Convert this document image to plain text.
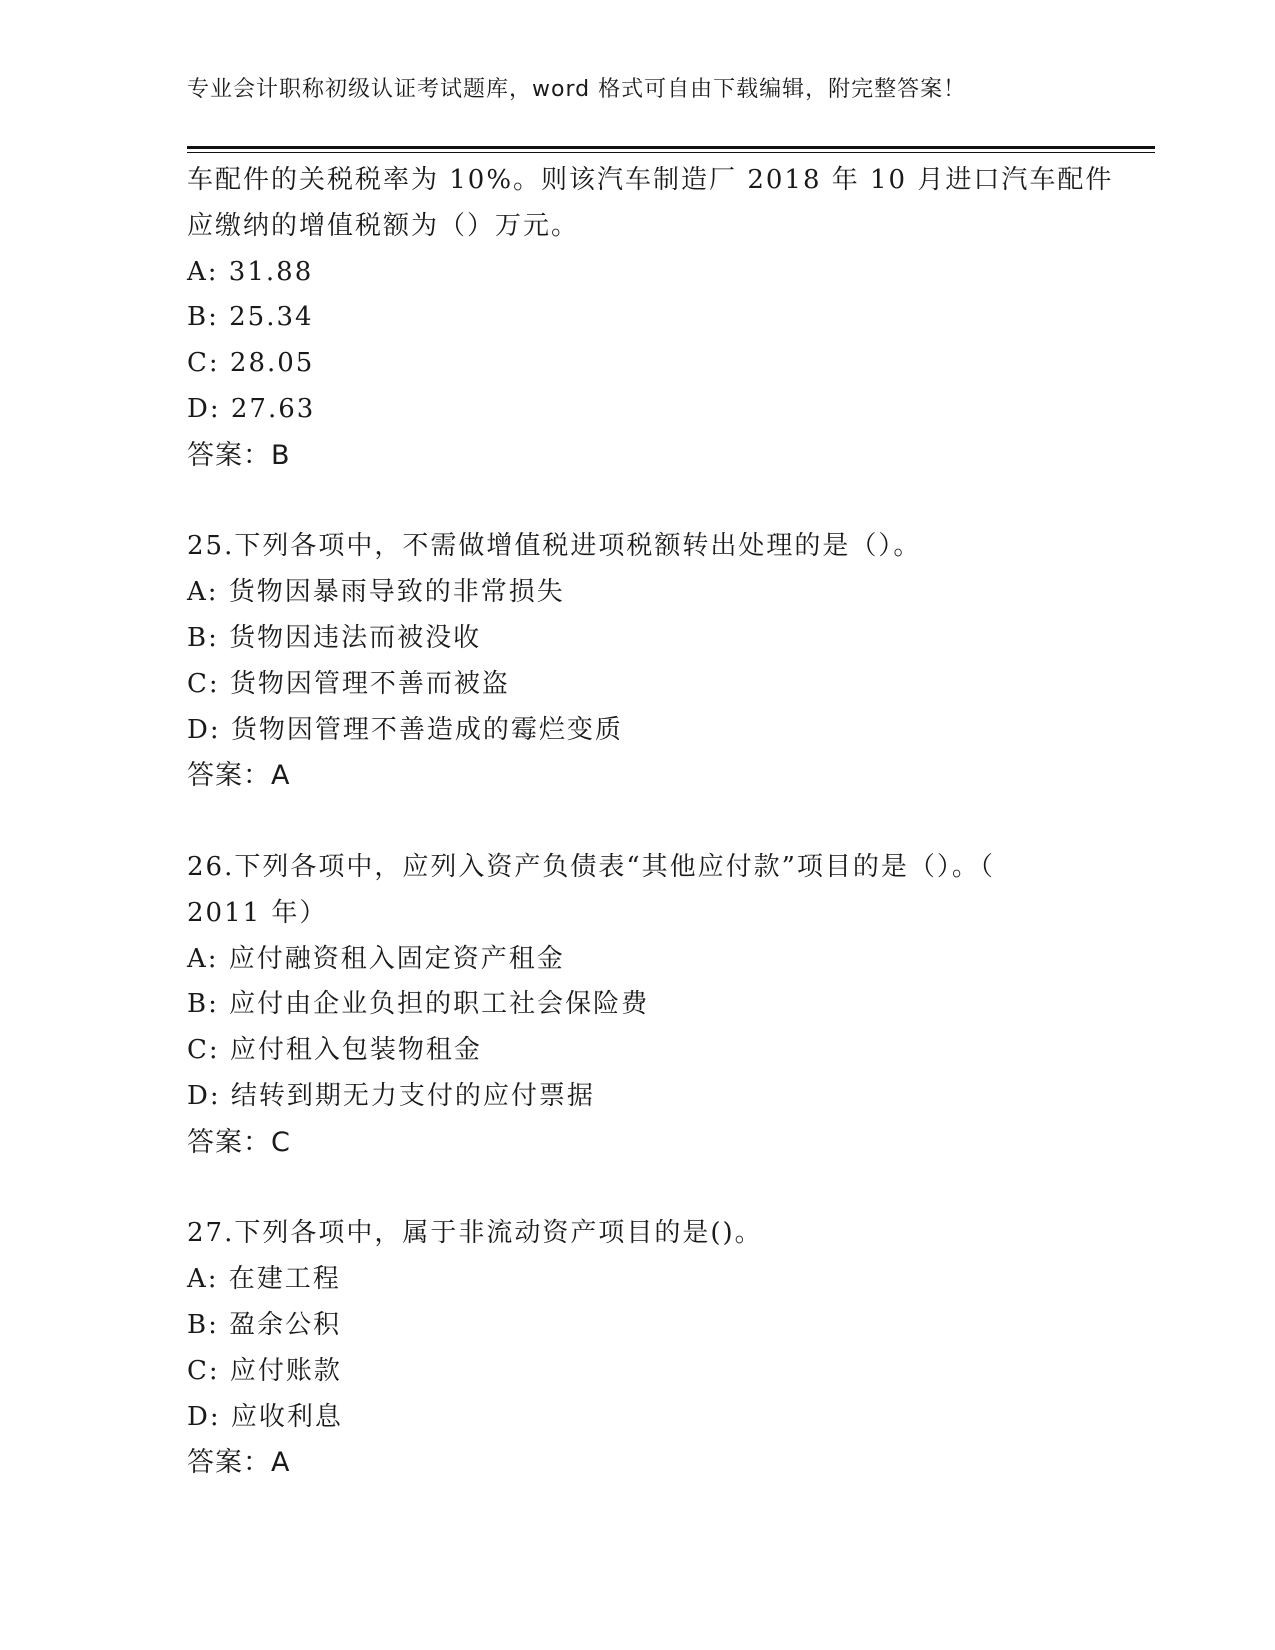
专业会计职称初级认证考试题库，word 格式可自由下载编辑，附完整答案！
车配件的关税税率为 10%。则该汽车制造厂 2018 年 10 月进口汽车配件
应缴纳的增值税额为（）万元。
A: 31.88
B: 25.34
C: 28.05
D: 27.63
答案：B
25.下列各项中，不需做增值税进项税额转出处理的是（）。
A: 货物因暴雨导致的非常损失
B: 货物因违法而被没收
C: 货物因管理不善而被盗
D: 货物因管理不善造成的霉烂变质
答案：A
26.下列各项中，应列入资产负债表“其他应付款”项目的是（）。（
2011 年）
A: 应付融资租入固定资产租金
B: 应付由企业负担的职工社会保险费
C: 应付租入包装物租金
D: 结转到期无力支付的应付票据
答案：C
27.下列各项中，属于非流动资产项目的是()。
A: 在建工程
B: 盈余公积
C: 应付账款
D: 应收利息
答案：A
